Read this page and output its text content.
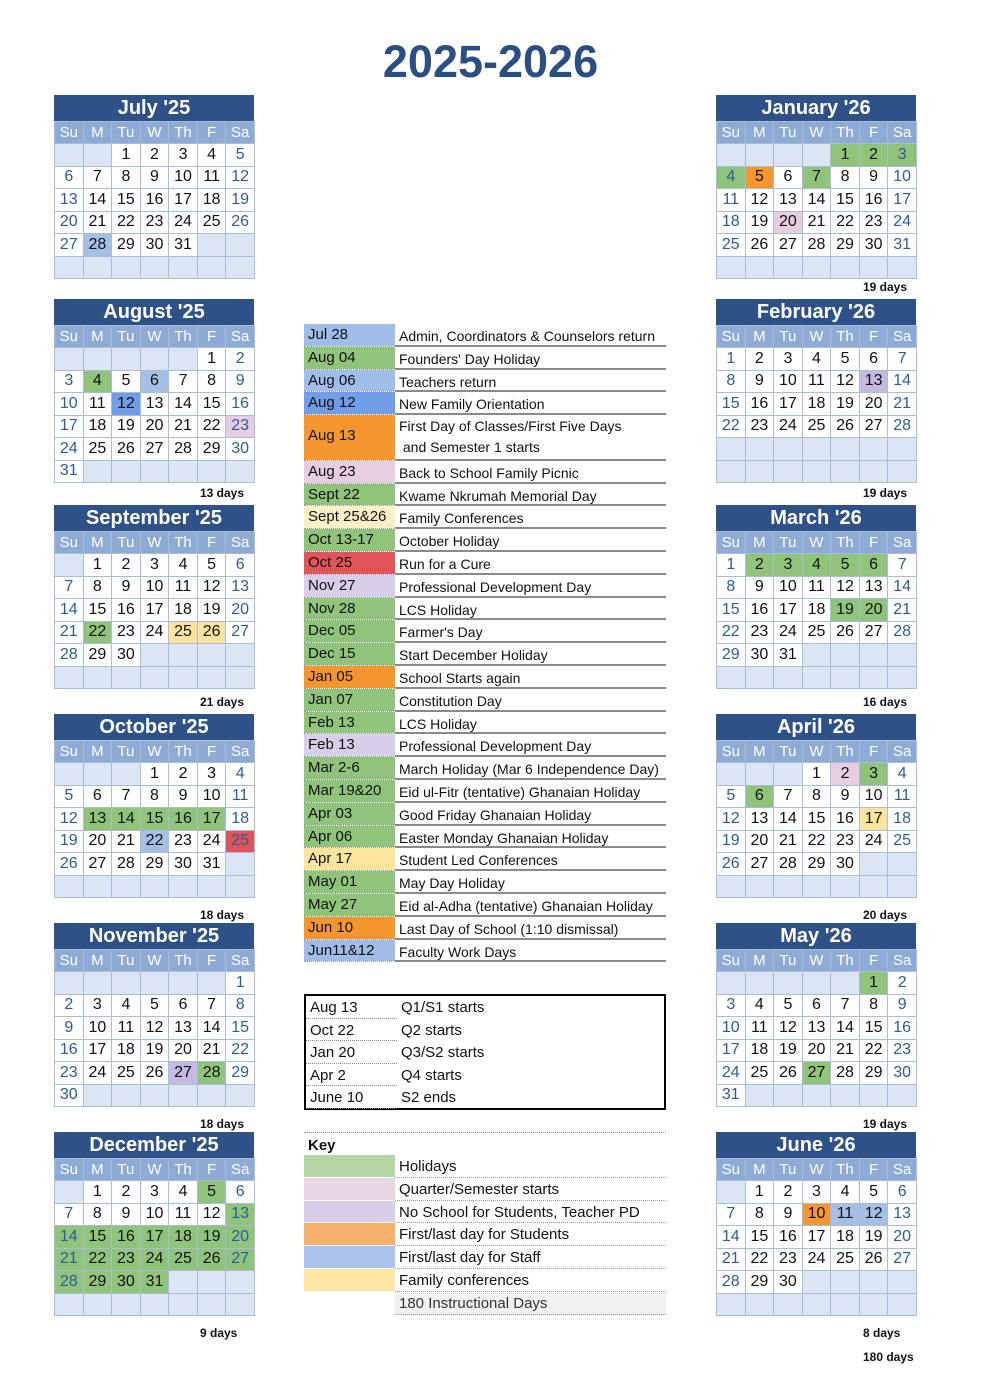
2025-2026
July '25
Su	M	Tu	W	Th	F	Sa
		1	2	3	4	5
6	7	8	9	10	11	12
13	14	15	16	17	18	19
20	21	22	23	24	25	26
27	28	29	30	31		

August '25
Su	M	Tu	W	Th	F	Sa
					1	2
3	4	5	6	7	8	9
10	11	12	13	14	15	16
17	18	19	20	21	22	23
24	25	26	27	28	29	30
31						
13 days
September '25
Su	M	Tu	W	Th	F	Sa
	1	2	3	4	5	6
7	8	9	10	11	12	13
14	15	16	17	18	19	20
21	22	23	24	25	26	27
28	29	30				

21 days
October '25
Su	M	Tu	W	Th	F	Sa
			1	2	3	4
5	6	7	8	9	10	11
12	13	14	15	16	17	18
19	20	21	22	23	24	25
26	27	28	29	30	31	

18 days
November '25
Su	M	Tu	W	Th	F	Sa
						1
2	3	4	5	6	7	8
9	10	11	12	13	14	15
16	17	18	19	20	21	22
23	24	25	26	27	28	29
30						
18 days
December '25
Su	M	Tu	W	Th	F	Sa
	1	2	3	4	5	6
7	8	9	10	11	12	13
14	15	16	17	18	19	20
21	22	23	24	25	26	27
28	29	30	31			

9 days
January '26
Su	M	Tu	W	Th	F	Sa
				1	2	3
4	5	6	7	8	9	10
11	12	13	14	15	16	17
18	19	20	21	22	23	24
25	26	27	28	29	30	31

19 days
February '26
Su	M	Tu	W	Th	F	Sa
1	2	3	4	5	6	7
8	9	10	11	12	13	14
15	16	17	18	19	20	21
22	23	24	25	26	27	28

19 days
March '26
Su	M	Tu	W	Th	F	Sa
1	2	3	4	5	6	7
8	9	10	11	12	13	14
15	16	17	18	19	20	21
22	23	24	25	26	27	28
29	30	31				

16 days
April '26
Su	M	Tu	W	Th	F	Sa
			1	2	3	4
5	6	7	8	9	10	11
12	13	14	15	16	17	18
19	20	21	22	23	24	25
26	27	28	29	30		

20 days
May '26
Su	M	Tu	W	Th	F	Sa
					1	2
3	4	5	6	7	8	9
10	11	12	13	14	15	16
17	18	19	20	21	22	23
24	25	26	27	28	29	30
31						
19 days
June '26
Su	M	Tu	W	Th	F	Sa
	1	2	3	4	5	6
7	8	9	10	11	12	13
14	15	16	17	18	19	20
21	22	23	24	25	26	27
28	29	30				

8 days
Jul 28	Admin, Coordinators & Counselors return
Aug 04	Founders' Day Holiday
Aug 06	Teachers return
Aug 12	New Family Orientation
Aug 13
First Day of Classes/First Five Days
and Semester 1 starts
Aug 23	Back to School Family Picnic
Sept 22	Kwame Nkrumah Memorial Day
Sept 25&26 Family Conferences
Oct 13-17	October Holiday
Oct 25	Run for a Cure
Nov 27	Professional Development Day
Nov 28	LCS Holiday
Dec 05	Farmer's Day
Dec 15	Start December Holiday
Jan 05	School Starts again
Jan 07	Constitution Day
Feb 13	LCS Holiday
Feb 13	Professional Development Day
Mar 2-6	March Holiday (Mar 6 Independence Day)
Mar 19&20	Eid ul-Fitr (tentative) Ghanaian Holiday
Apr 03	Good Friday Ghanaian Holiday
Apr 06	Easter Monday Ghanaian Holiday
Apr 17	Student Led Conferences
May 01	May Day Holiday
May 27	Eid al-Adha (tentative) Ghanaian Holiday
Jun 10	Last Day of School (1:10 dismissal)
Jun11&12	Faculty Work Days
Aug 13	Q1/S1 starts
Oct 22	Q2 starts
Jan 20	Q3/S2 starts
Apr 2	Q4 starts
June 10	S2 ends
Key
Holidays
Quarter/Semester starts
No School for Students, Teacher PD
First/last day for Students
First/last day for Staff
Family conferences
180 Instructional Days
180 days
